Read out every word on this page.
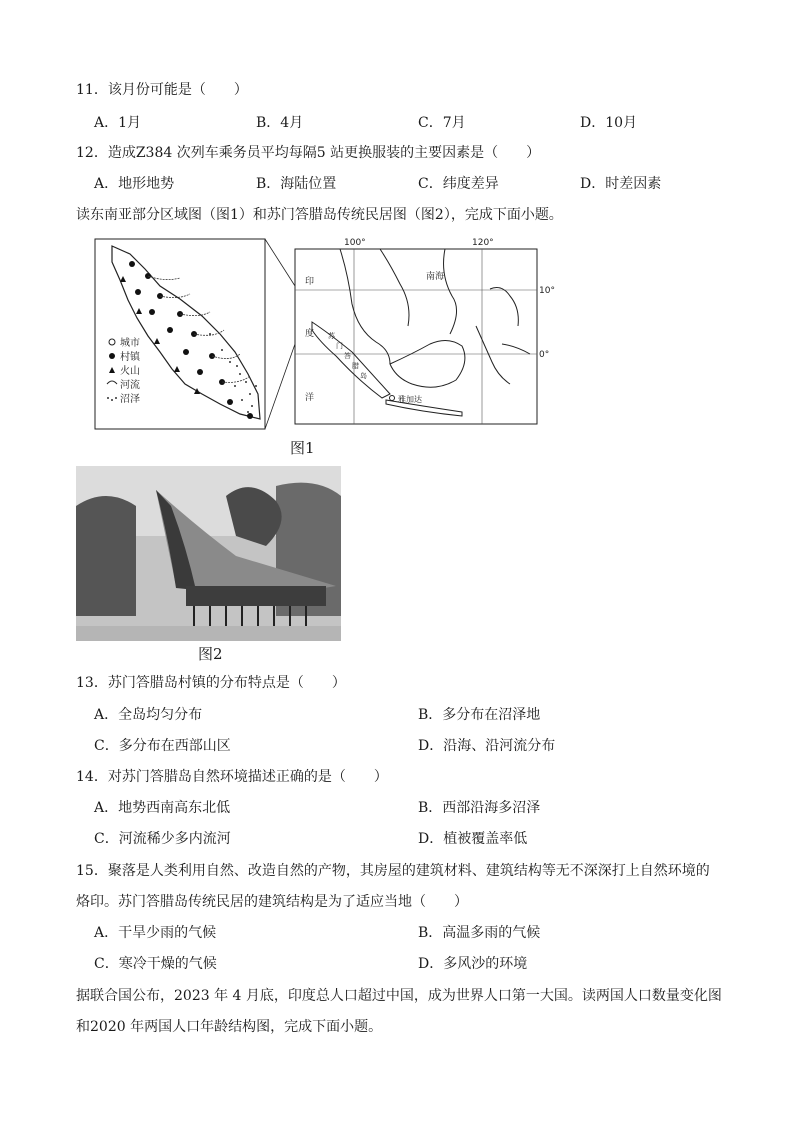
11．该月份可能是（　　）
A．1月	B．4月	C．7月	D．10月
12．造成Z384 次列车乘务员平均每隔5 站更换服装的主要因素是（　　）
A．地形地势	B．海陆位置	C．纬度差异	D．时差因素
读东南亚部分区域图（图1）和苏门答腊岛传统民居图（图2），完成下面小题。
城市
村镇
火山
河流
沼泽
100°	120°
10°
0°
南海
印
度
洋	雅加达
苏
门
答
腊
岛
图1
图2
13．苏门答腊岛村镇的分布特点是（　　）
A．全岛均匀分布	B．多分布在沼泽地
C．多分布在西部山区	D．沿海、沿河流分布
14．对苏门答腊岛自然环境描述正确的是（　　）
A．地势西南高东北低	B．西部沿海多沼泽
C．河流稀少多内流河	D．植被覆盖率低
15．聚落是人类利用自然、改造自然的产物，其房屋的建筑材料、建筑结构等无不深深打上自然环境的
烙印。苏门答腊岛传统民居的建筑结构是为了适应当地（　　）
A．干旱少雨的气候	B．高温多雨的气候
C．寒冷干燥的气候	D．多风沙的环境
据联合国公布，2023 年 4 月底，印度总人口超过中国，成为世界人口第一大国。读两国人口数量变化图
和2020 年两国人口年龄结构图，完成下面小题。
